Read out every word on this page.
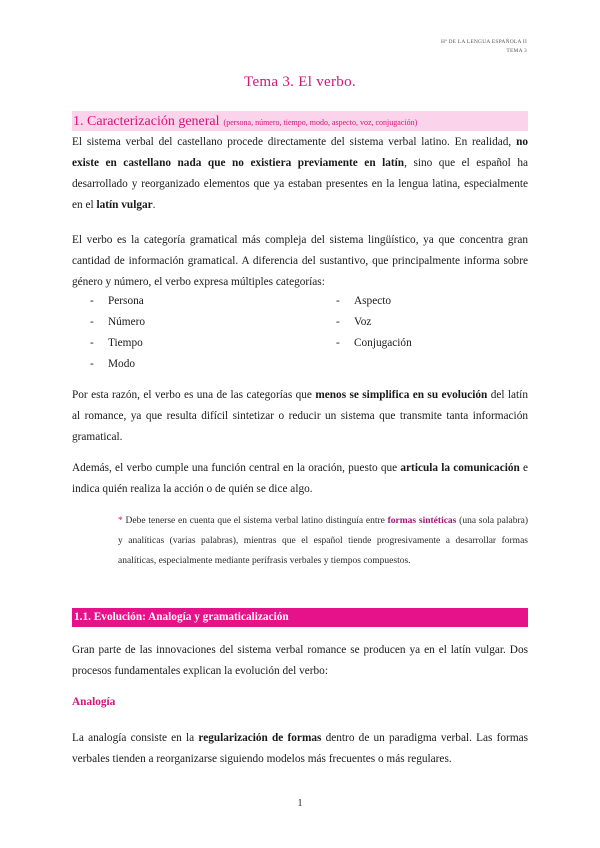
Hª DE LA LENGUA ESPAÑOLA II
TEMA 3
Tema 3. El verbo.
1. Caracterización general (persona, número, tiempo, modo, aspecto, voz, conjugación)
El sistema verbal del castellano procede directamente del sistema verbal latino. En realidad, no existe en castellano nada que no existiera previamente en latín, sino que el español ha desarrollado y reorganizado elementos que ya estaban presentes en la lengua latina, especialmente en el latín vulgar.
El verbo es la categoría gramatical más compleja del sistema lingüístico, ya que concentra gran cantidad de información gramatical. A diferencia del sustantivo, que principalmente informa sobre género y número, el verbo expresa múltiples categorías:
-	Persona
-	Número
-	Tiempo
-	Modo
-	Aspecto
-	Voz
-	Conjugación
Por esta razón, el verbo es una de las categorías que menos se simplifica en su evolución del latín al romance, ya que resulta difícil sintetizar o reducir un sistema que transmite tanta información gramatical.
Además, el verbo cumple una función central en la oración, puesto que articula la comunicación e indica quién realiza la acción o de quién se dice algo.
* Debe tenerse en cuenta que el sistema verbal latino distinguía entre formas sintéticas (una sola palabra) y analíticas (varias palabras), mientras que el español tiende progresivamente a desarrollar formas analíticas, especialmente mediante perífrasis verbales y tiempos compuestos.
1.1. Evolución: Analogía y gramaticalización
Gran parte de las innovaciones del sistema verbal romance se producen ya en el latín vulgar. Dos procesos fundamentales explican la evolución del verbo:
Analogía
La analogía consiste en la regularización de formas dentro de un paradigma verbal. Las formas verbales tienden a reorganizarse siguiendo modelos más frecuentes o más regulares.
1
